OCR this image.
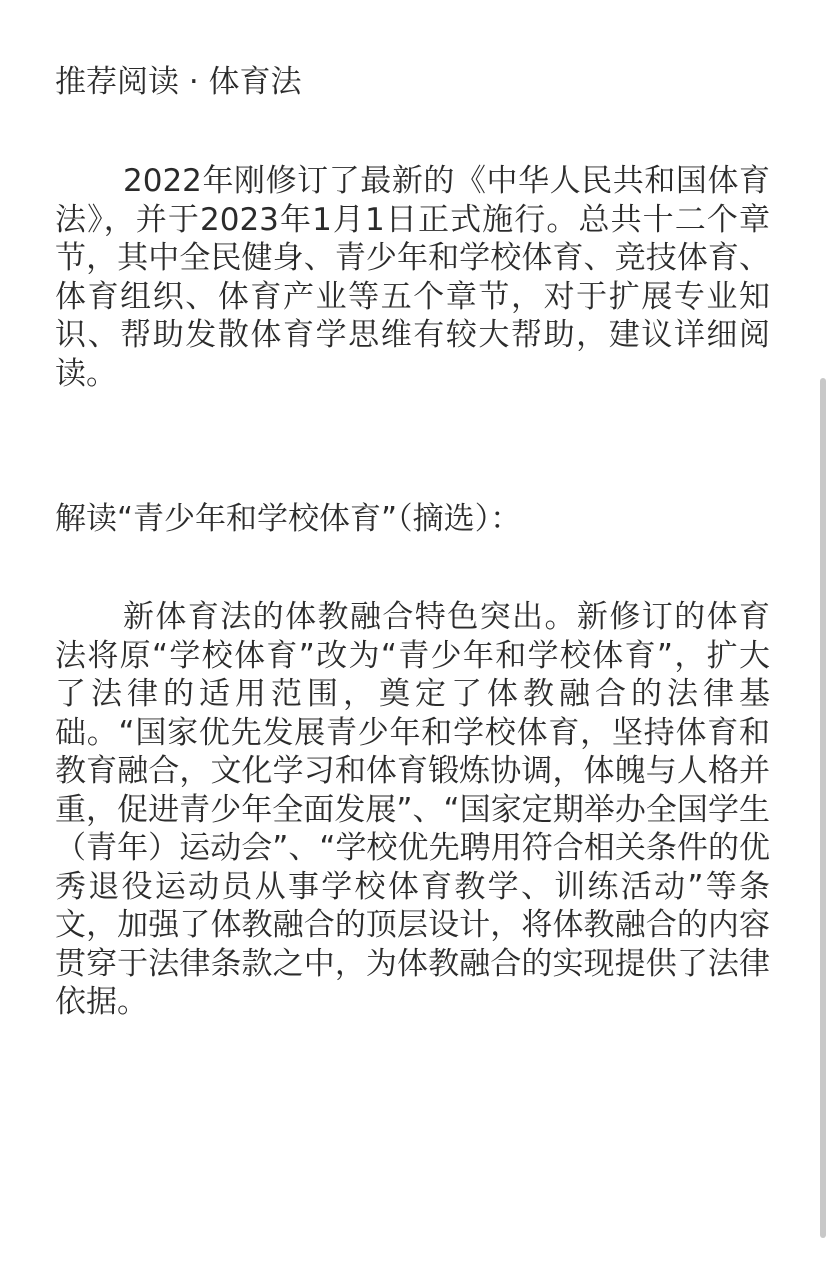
推荐阅读 · 体育法

2022年刚修订了最新的《中华人民共和国体育法》，并于2023年1月1日正式施行。总共十二个章节，其中全民健身、青少年和学校体育、竞技体育、体育组织、体育产业等五个章节，对于扩展专业知识、帮助发散体育学思维有较大帮助，建议详细阅读。

解读“青少年和学校体育”（摘选）：

新体育法的体教融合特色突出。新修订的体育法将原“学校体育”改为“青少年和学校体育”，扩大了法律的适用范围，奠定了体教融合的法律基础。“国家优先发展青少年和学校体育，坚持体育和教育融合，文化学习和体育锻炼协调，体魄与人格并重，促进青少年全面发展”、“国家定期举办全国学生（青年）运动会”、“学校优先聘用符合相关条件的优秀退役运动员从事学校体育教学、训练活动”等条文，加强了体教融合的顶层设计，将体教融合的内容贯穿于法律条款之中，为体教融合的实现提供了法律依据。
